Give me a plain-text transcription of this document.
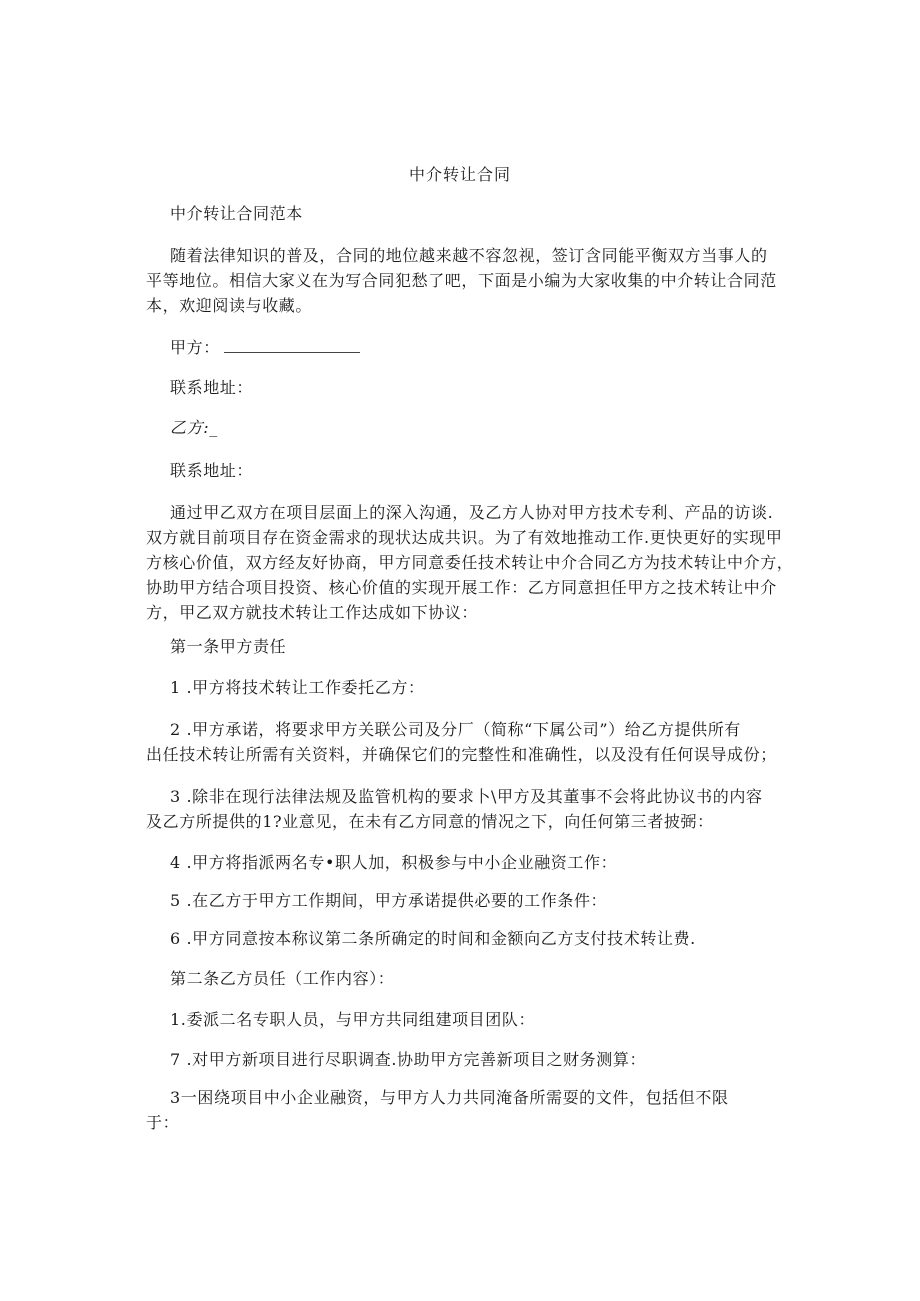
中介转让合同
中介转让合同范本
随着法律知识的普及，合同的地位越来越不容忽视，签订含同能平衡双方当事人的
平等地位。相信大家义在为写合同犯愁了吧，下面是小编为大家收集的中介转让合同范
本，欢迎阅读与收藏。
甲方：
联系地址：
乙方:_
联系地址：
通过甲乙双方在项目层面上的深入沟通，及乙方人协对甲方技术专利、产品的访谈.
双方就目前项目存在资金需求的现状达成共识。为了有效地推动工作.更快更好的实现甲
方核心价值，双方经友好协商，甲方同意委任技术转让中介合同乙方为技术转让中介方，
协助甲方结合项目投资、核心价值的实现开展工作：乙方同意担任甲方之技术转让中介
方，甲乙双方就技术转让工作达成如下协议：
第一条甲方责任
1 .甲方将技术转让工作委托乙方：
2 .甲方承诺，将要求甲方关联公司及分厂（简称“下属公司”）给乙方提供所有
出任技术转让所需有关资料，并确保它们的完整性和准确性，以及没有任何误导成份；
3 .除非在现行法律法规及监管机构的要求卜\甲方及其董事不会将此协议书的内容
及乙方所提供的1?业意见，在未有乙方同意的情况之下，向任何第三者披弼：
4 .甲方将指派两名专•职人加，积极参与中小企业融资工作：
5 .在乙方于甲方工作期间，甲方承诺提供必要的工作条件：
6 .甲方同意按本称议第二条所确定的时间和金额向乙方支付技术转让费.
第二条乙方员任（工作内容）：
1.委派二名专职人员，与甲方共同组建项目团队：
7 .对甲方新项目进行尽职调查.协助甲方完善新项目之财务测算：
3一困绕项目中小企业融资，与甲方人力共同淹备所需耍的文件，包括但不限
于：
